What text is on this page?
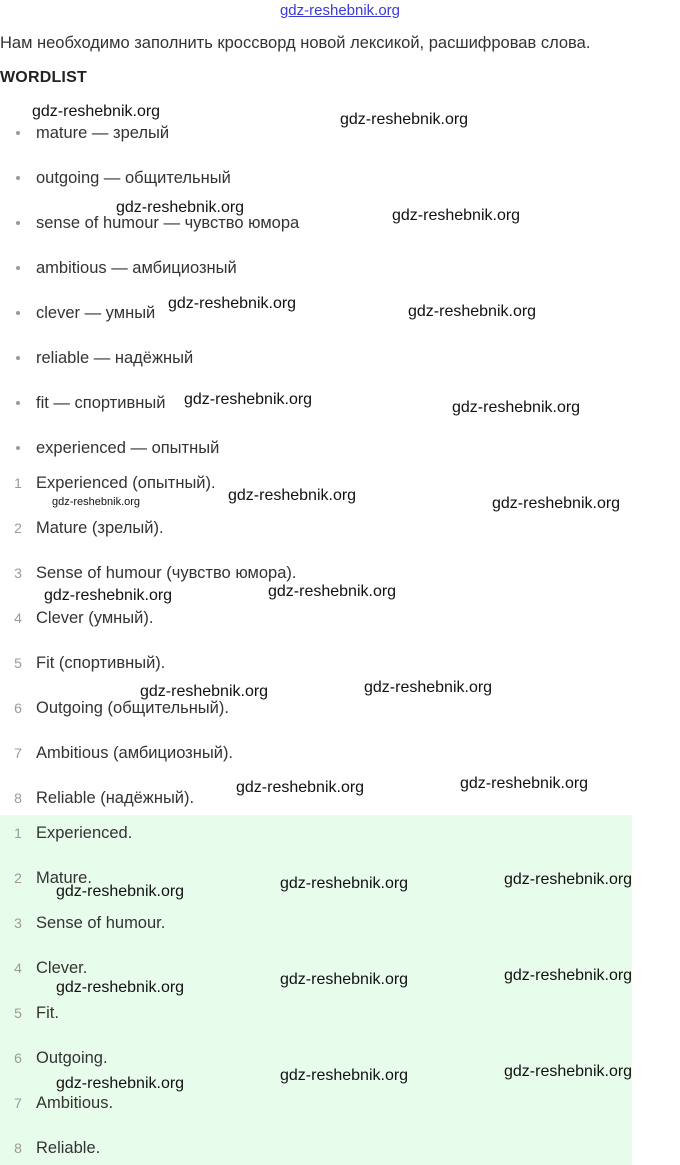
gdz-reshebnik.org
Нам необходимо заполнить кроссворд новой лексикой, расшифровав слова.
WORDLIST
mature — зрелый
outgoing — общительный
sense of humour — чувство юмора
ambitious — амбициозный
clever — умный
reliable — надёжный
fit — спортивный
experienced — опытный
1 Experienced (опытный).
2 Mature (зрелый).
3 Sense of humour (чувство юмора).
4 Clever (умный).
5 Fit (спортивный).
6 Outgoing (общительный).
7 Ambitious (амбициозный).
8 Reliable (надёжный).
1 Experienced.
2 Mature.
3 Sense of humour.
4 Clever.
5 Fit.
6 Outgoing.
7 Ambitious.
8 Reliable.
gdz-reshebnik.org	gdz-reshebnik.org
gdz-reshebnik.org	gdz-reshebnik.org
gdz-reshebnik.org	gdz-reshebnik.org
gdz-reshebnik.org	gdz-reshebnik.org
gdz-reshebnik.org	gdz-reshebnik.org	gdz-reshebnik.org
gdz-reshebnik.org	gdz-reshebnik.org
gdz-reshebnik.org	gdz-reshebnik.org
gdz-reshebnik.org	gdz-reshebnik.org
gdz-reshebnik.org	gdz-reshebnik.org	gdz-reshebnik.org
gdz-reshebnik.org	gdz-reshebnik.org	gdz-reshebnik.org
gdz-reshebnik.org	gdz-reshebnik.org	gdz-reshebnik.org
